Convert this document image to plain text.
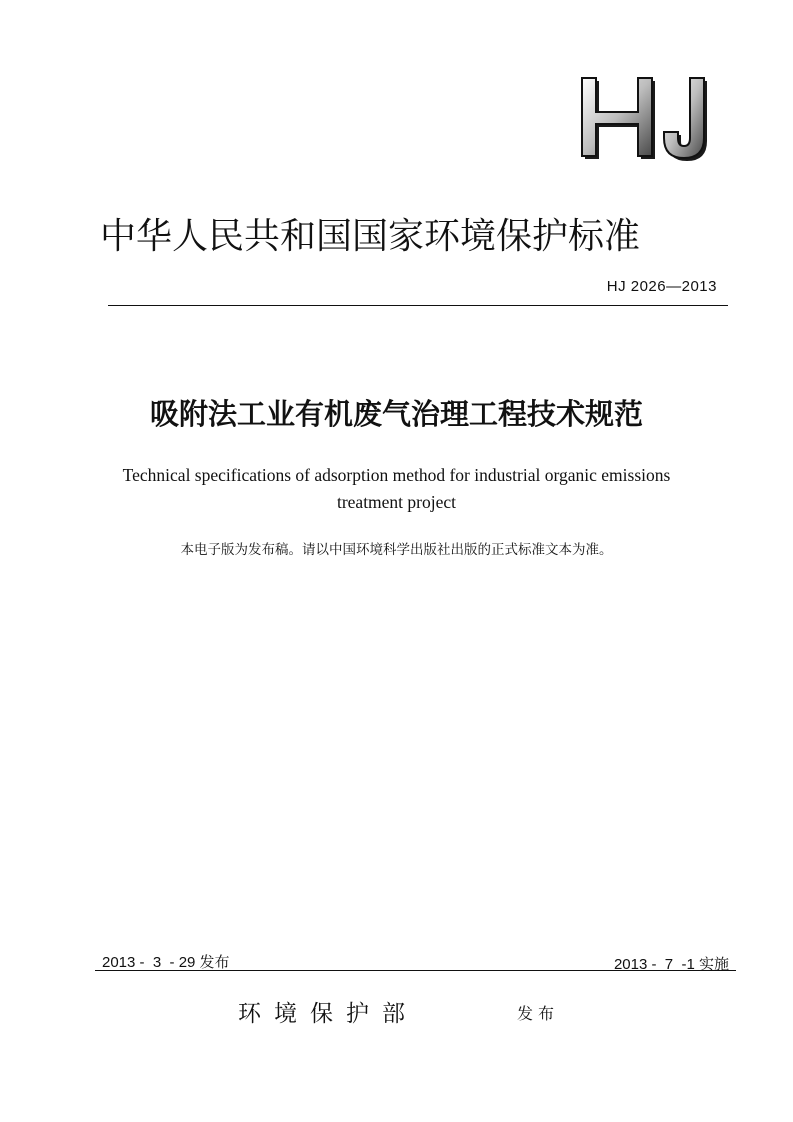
中华人民共和国国家环境保护标准
HJ 2026—2013
吸附法工业有机废气治理工程技术规范
Technical specifications of adsorption method for industrial organic emissions treatment project
本电子版为发布稿。请以中国环境科学出版社出版的正式标准文本为准。
2013 -  3  - 29 发布	2013 -  7  -1 实施
环境保护部	发布
